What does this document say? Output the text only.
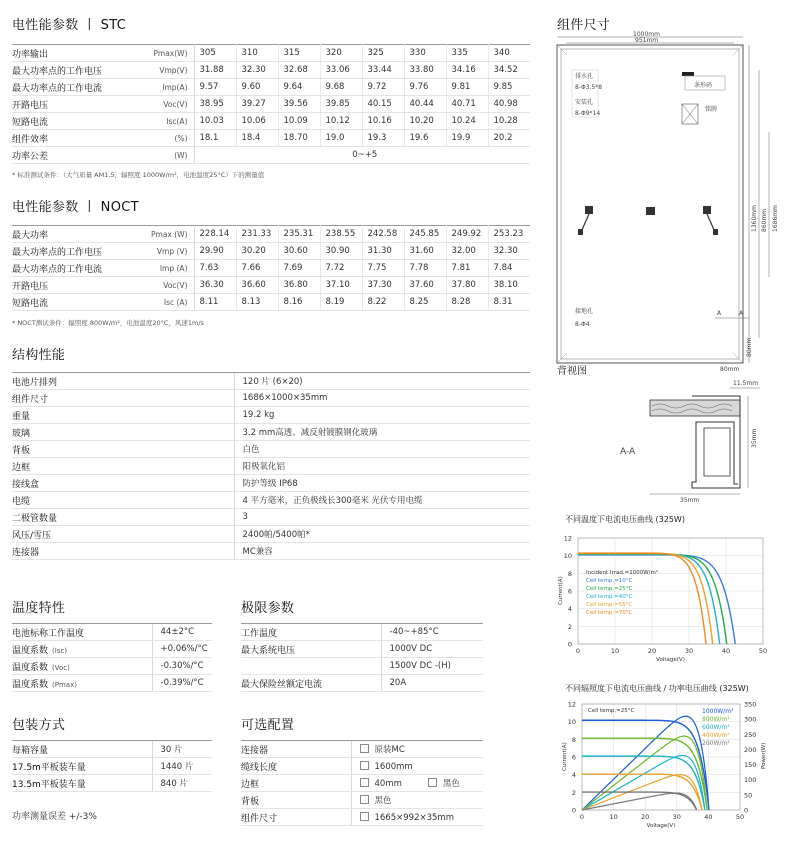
电性能参数 丨 STC
功率输出	Pmax(W)	305	310	315	320	325	330	335	340
最大功率点的工作电压	Vmp(V)	31.88	32.30	32.68	33.06	33.44	33.80	34.16	34.52
最大功率点的工作电流	Imp(A)	9.57	9.60	9.64	9.68	9.72	9.76	9.81	9.85
开路电压	Voc(V)	38.95	39.27	39.56	39.85	40.15	40.44	40.71	40.98
短路电流	Isc(A)	10.03	10.06	10.09	10.12	10.16	10.20	10.24	10.28
组件效率	(%)	18.1	18.4	18.70	19.0	19.3	19.6	19.9	20.2
功率公差	(W)	0~+5							
* 标准测试条件：（大气质量 AM1.5，辐照度 1000W/m²，电池温度25°C）下的测量值
电性能参数 丨 NOCT
最大功率	Pmax (W)	228.14	231.33	235.31	238.55	242.58	245.85	249.92	253.23
最大功率点的工作电压	Vmp (V)	29.90	30.20	30.60	30.90	31.30	31.60	32.00	32.30
最大功率点的工作电流	Imp (A)	7.63	7.66	7.69	7.72	7.75	7.78	7.81	7.84
开路电压	Voc(V)	36.30	36.60	36.80	37.10	37.30	37.60	37.80	38.10
短路电流	Isc (A)	8.11	8.13	8.16	8.19	8.22	8.25	8.28	8.31
* NOCT测试条件：辐照度 800W/m²，电池温度20°C，风速1m/s
结构性能
电池片排列	120 片 (6×20)
组件尺寸	1686×1000×35mm
重量	19.2 kg
玻璃	3.2 mm高透、减反射镀膜钢化玻璃
背板	白色
边框	阳极氧化铝
接线盒	防护等级 IP68
电缆	4 平方毫米，正负极线长300毫米 光伏专用电缆
二极管数量	3
风压/雪压	2400帕/5400帕*
连接器	MC兼容
温度特性
电池标称工作温度	44±2°C
温度系数 (Isc)	+0.06%/°C
温度系数 (Voc)	-0.30%/°C
温度系数 (Pmax)	-0.39%/°C
极限参数
工作温度	-40~+85°C
最大系统电压	1000V DC
	1500V DC -(H)
最大保险丝额定电流	20A
包装方式
每箱容量	30 片
17.5m平板装车量	1440 片
13.5m平板装车量	840 片
功率测量误差 +/-3%
可选配置
连接器	原装MC
缆线长度	1600mm
边框	40mm 黑色
背板	黑色
组件尺寸	1665×992×35mm
组件尺寸
1000mm
951mm
排水孔
8-Φ3.5*8
安装孔
8-Φ9*14
条形码
铭牌
860mm
1360mm 1686mm
接地孔
8-Φ4
A	A
80mm
80mm
背视图
11.5mm
35mm
35mm
A-A
不同温度下电流电压曲线 (325W)
0
2
4
6
8
10
12
0	10	20	30	40	50
Voltage(V)
Current(A)
Incident Irrad.=1000W/m²
Cell temp.=10°C
Cell temp.=25°C
Cell temp.=40°C
Cell temp.=55°C
Cell temp.=70°C
不同辐照度下电流电压曲线 / 功率电压曲线 (325W)
0
2
4
6
8
10
12
0	10	20	30	40	50
Voltage(V)
Current(A)
0
50
100
150
200
250
300
350
Power(W)
Cell temp.=25°C	1000W/m²
800W/m²
600W/m²
400W/m²
200W/m²
